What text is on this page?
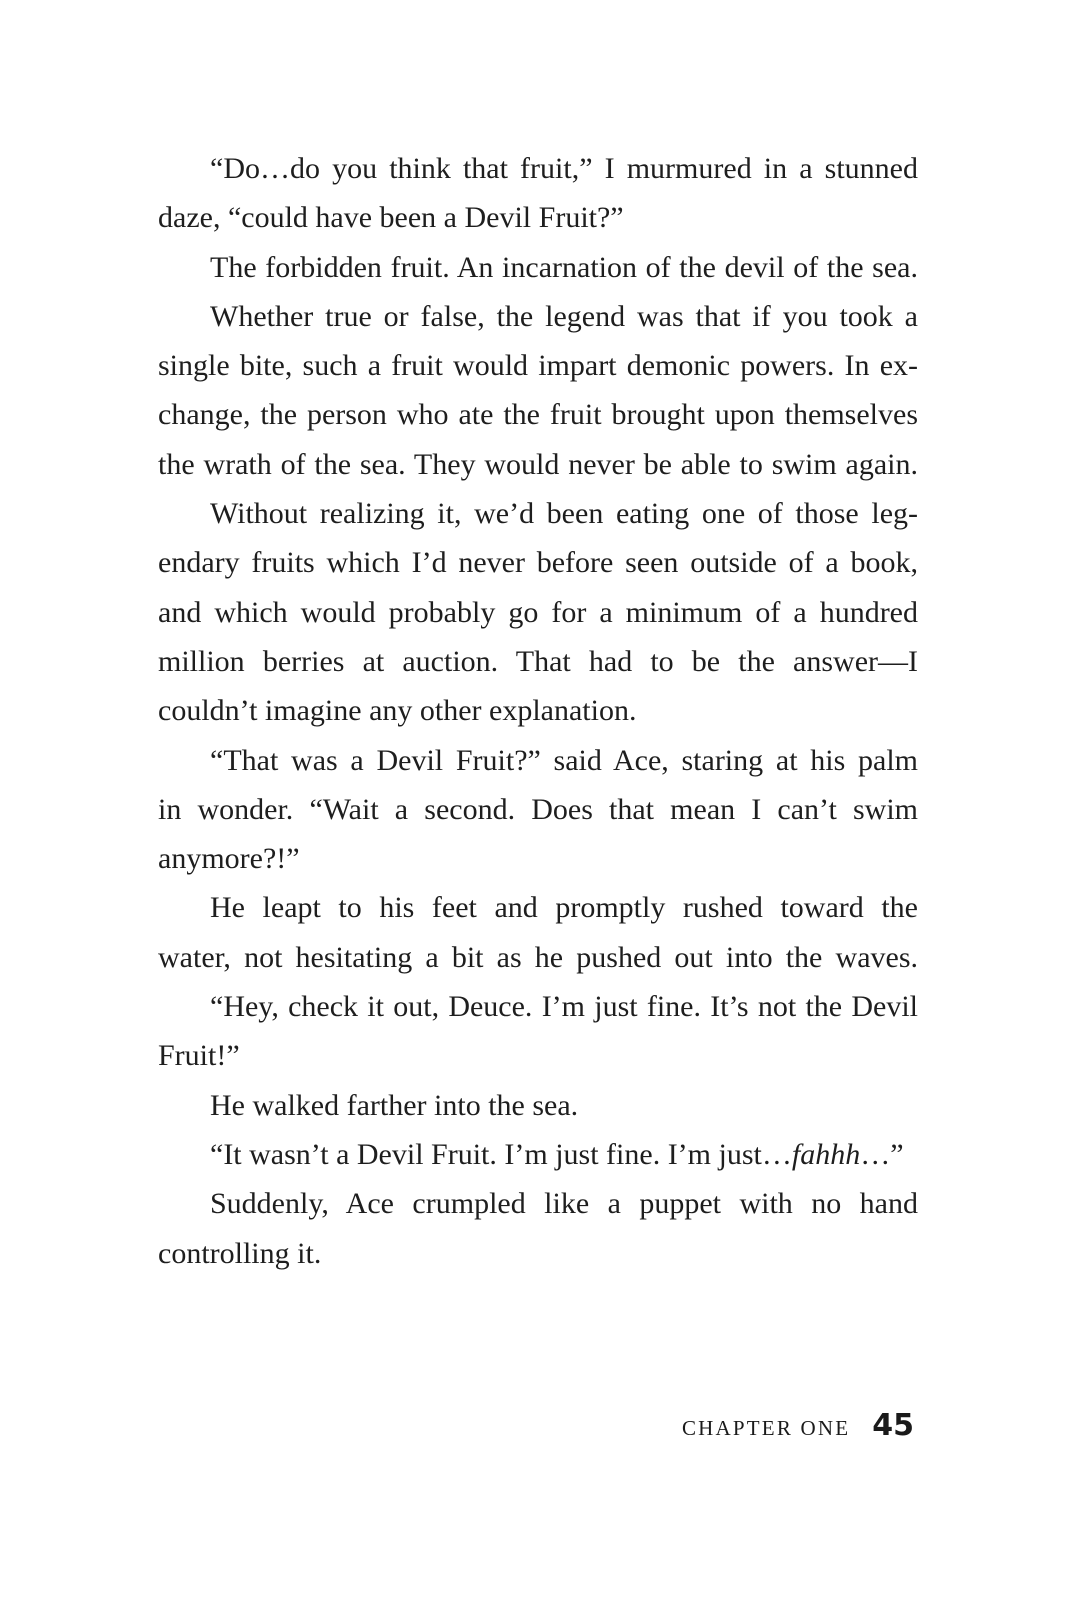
“Do…do you think that fruit,” I murmured in a stunned
daze, “could have been a Devil Fruit?”
The forbidden fruit. An incarnation of the devil of the sea.
Whether true or false, the legend was that if you took a
single bite, such a fruit would impart demonic powers. In ex-
change, the person who ate the fruit brought upon themselves
the wrath of the sea. They would never be able to swim again.
Without realizing it, we’d been eating one of those leg-
endary fruits which I’d never before seen outside of a book,
and which would probably go for a minimum of a hundred
million berries at auction. That had to be the answer—I
couldn’t imagine any other explanation.
“That was a Devil Fruit?” said Ace, staring at his palm
in wonder. “Wait a second. Does that mean I can’t swim
anymore?!”
He leapt to his feet and promptly rushed toward the
water, not hesitating a bit as he pushed out into the waves.
“Hey, check it out, Deuce. I’m just fine. It’s not the Devil
Fruit!”
He walked farther into the sea.
“It wasn’t a Devil Fruit. I’m just fine. I’m just…fahhh…”
Suddenly, Ace crumpled like a puppet with no hand
controlling it.
CHAPTER ONE 45
